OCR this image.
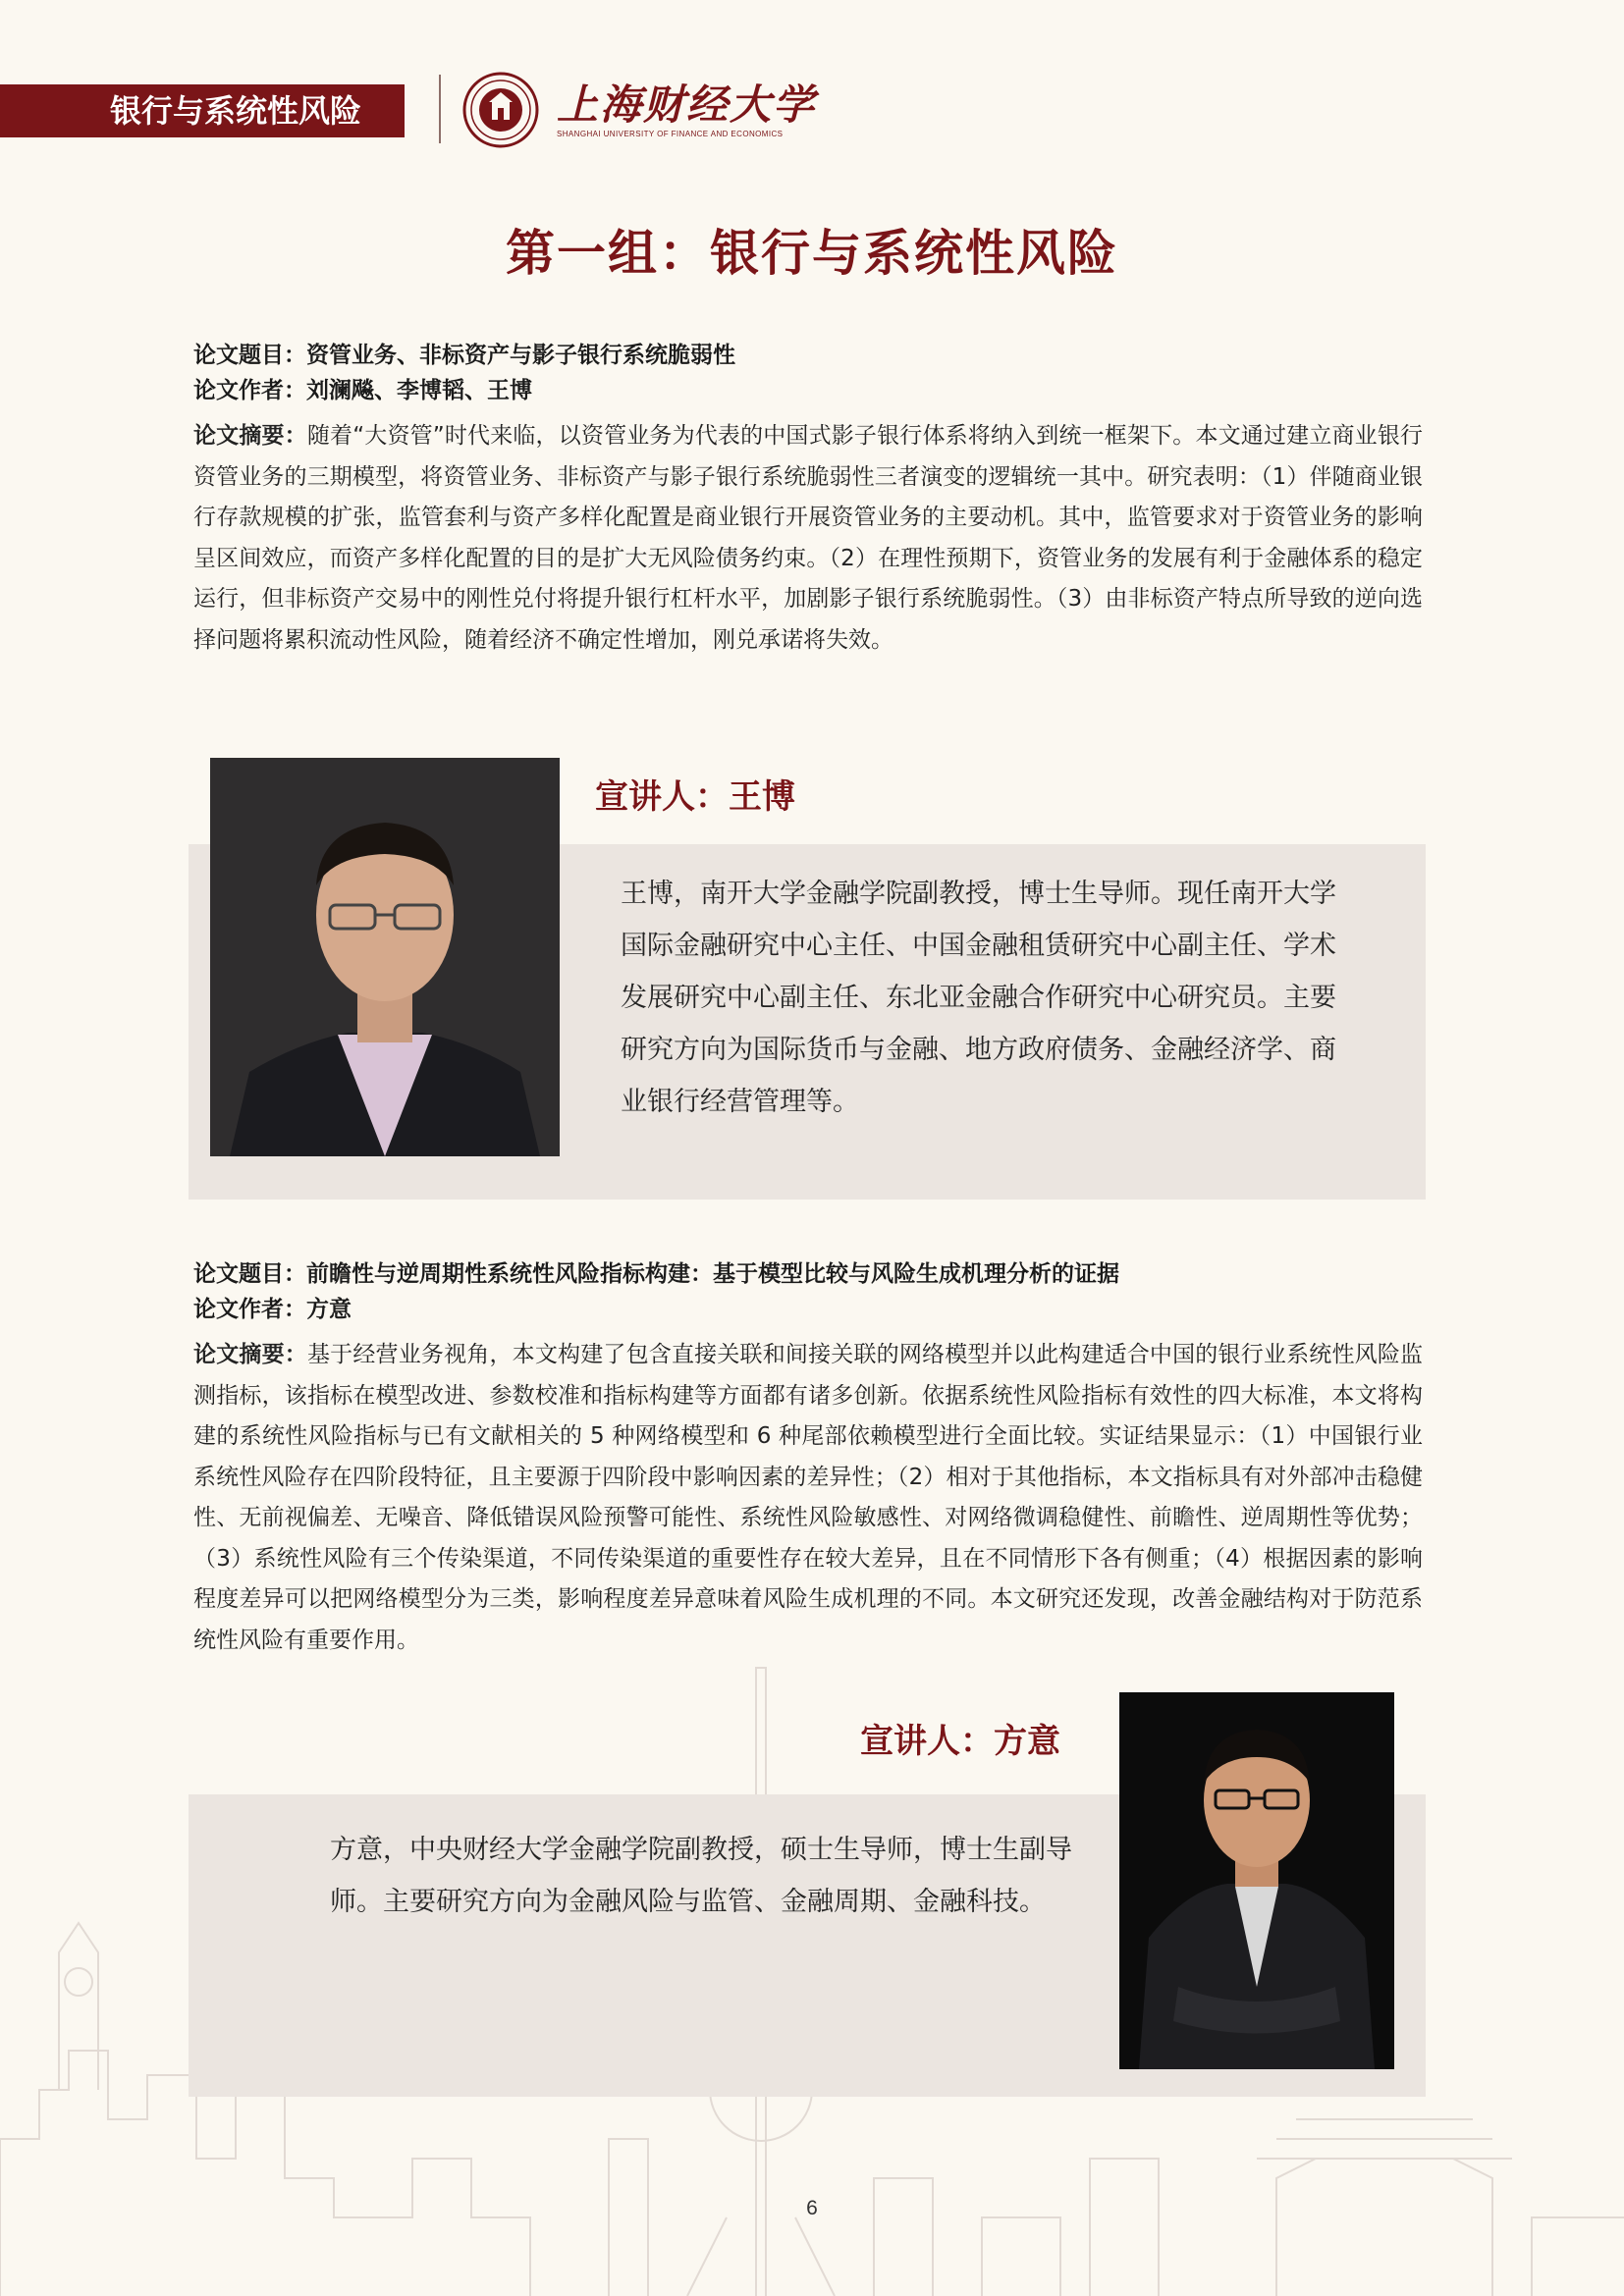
银行与系统性风险	上海财经大学
SHANGHAI UNIVERSITY OF FINANCE AND ECONOMICS
第一组：银行与系统性风险
论文题目：资管业务、非标资产与影子银行系统脆弱性
论文作者：刘澜飚、李博韬、王博
论文摘要：随着“大资管”时代来临，以资管业务为代表的中国式影子银行体系将纳入到统一框架下。本文通过建立商业银行资管业务的三期模型，将资管业务、非标资产与影子银行系统脆弱性三者演变的逻辑统一其中。研究表明：（1）伴随商业银行存款规模的扩张，监管套利与资产多样化配置是商业银行开展资管业务的主要动机。其中，监管要求对于资管业务的影响呈区间效应，而资产多样化配置的目的是扩大无风险债务约束。（2）在理性预期下，资管业务的发展有利于金融体系的稳定运行，但非标资产交易中的刚性兑付将提升银行杠杆水平，加剧影子银行系统脆弱性。（3）由非标资产特点所导致的逆向选择问题将累积流动性风险，随着经济不确定性增加，刚兑承诺将失效。
宣讲人：王博
王博，南开大学金融学院副教授，博士生导师。现任南开大学国际金融研究中心主任、中国金融租赁研究中心副主任、学术发展研究中心副主任、东北亚金融合作研究中心研究员。主要研究方向为国际货币与金融、地方政府债务、金融经济学、商业银行经营管理等。
论文题目：前瞻性与逆周期性系统性风险指标构建：基于模型比较与风险生成机理分析的证据
论文作者：方意
论文摘要：基于经营业务视角，本文构建了包含直接关联和间接关联的网络模型并以此构建适合中国的银行业系统性风险监测指标，该指标在模型改进、参数校准和指标构建等方面都有诸多创新。依据系统性风险指标有效性的四大标准，本文将构建的系统性风险指标与已有文献相关的 5 种网络模型和 6 种尾部依赖模型进行全面比较。实证结果显示：（1）中国银行业系统性风险存在四阶段特征，且主要源于四阶段中影响因素的差异性；（2）相对于其他指标，本文指标具有对外部冲击稳健性、无前视偏差、无噪音、降低错误风险预警可能性、系统性风险敏感性、对网络微调稳健性、前瞻性、逆周期性等优势；（3）系统性风险有三个传染渠道，不同传染渠道的重要性存在较大差异，且在不同情形下各有侧重；（4）根据因素的影响程度差异可以把网络模型分为三类，影响程度差异意味着风险生成机理的不同。本文研究还发现，改善金融结构对于防范系统性风险有重要作用。
宣讲人：方意
方意，中央财经大学金融学院副教授，硕士生导师，博士生副导师。主要研究方向为金融风险与监管、金融周期、金融科技。
6
